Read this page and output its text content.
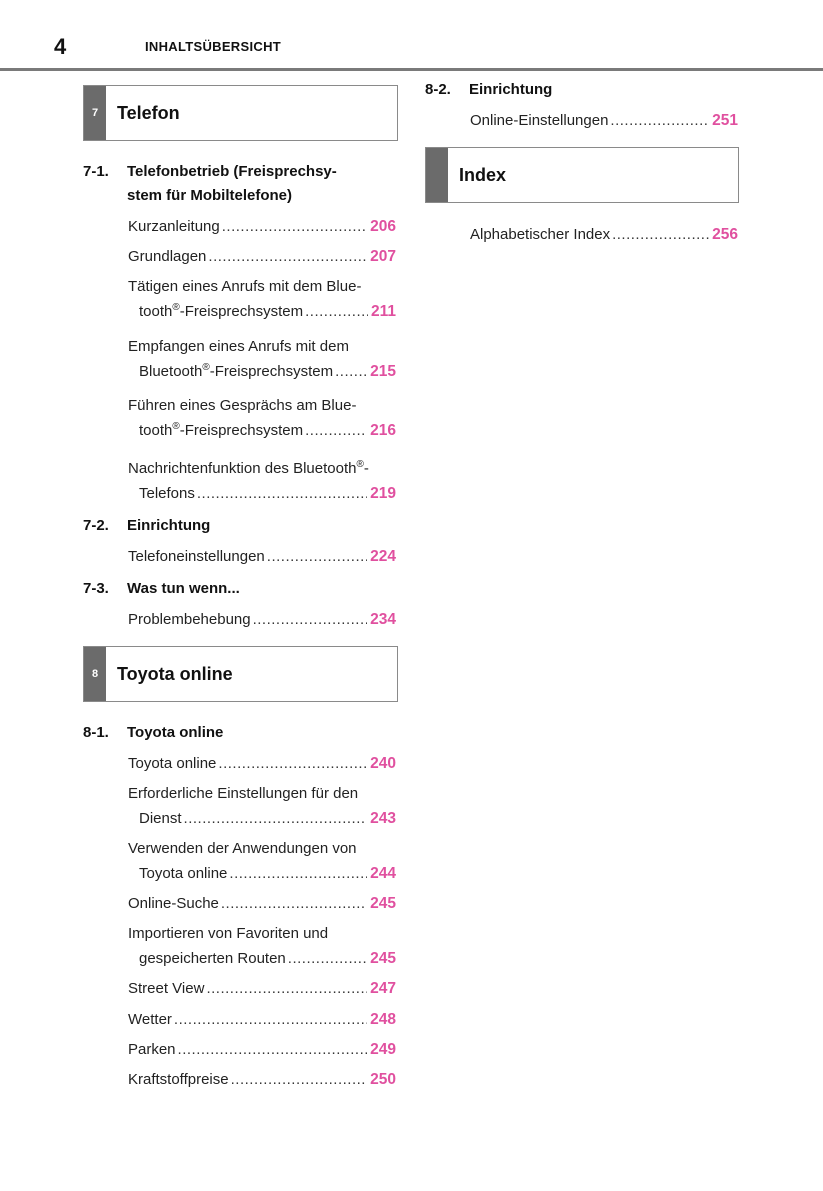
4	INHALTSÜBERSICHT
7	Telefon
7-1.	Telefonbetrieb (Freisprechsy-
stem für Mobiltelefone)
Kurzanleitung .....	206
Grundlagen .....	207
Tätigen eines Anrufs mit dem Blue-
tooth®-Freisprechsystem .....	211
Empfangen eines Anrufs mit dem
Bluetooth®-Freisprechsystem ..... 215
Führen eines Gesprächs am Blue-
tooth®-Freisprechsystem .....	216
Nachrichtenfunktion des Bluetooth®-
Telefons .....	219
7-2.	Einrichtung
Telefoneinstellungen .....	224
7-3.	Was tun wenn...
Problembehebung .....	234
8	Toyota online
8-1.	Toyota online
Toyota online .....	240
Erforderliche Einstellungen für den
Dienst .....	243
Verwenden der Anwendungen von
Toyota online .....	244
Online-Suche .....	245
Importieren von Favoriten und
gespeicherten Routen .....	245
Street View .....	247
Wetter .....	248
Parken .....	249
Kraftstoffpreise .....	250
8-2.	Einrichtung
Online-Einstellungen .....	251
Index
Alphabetischer Index .....	256
